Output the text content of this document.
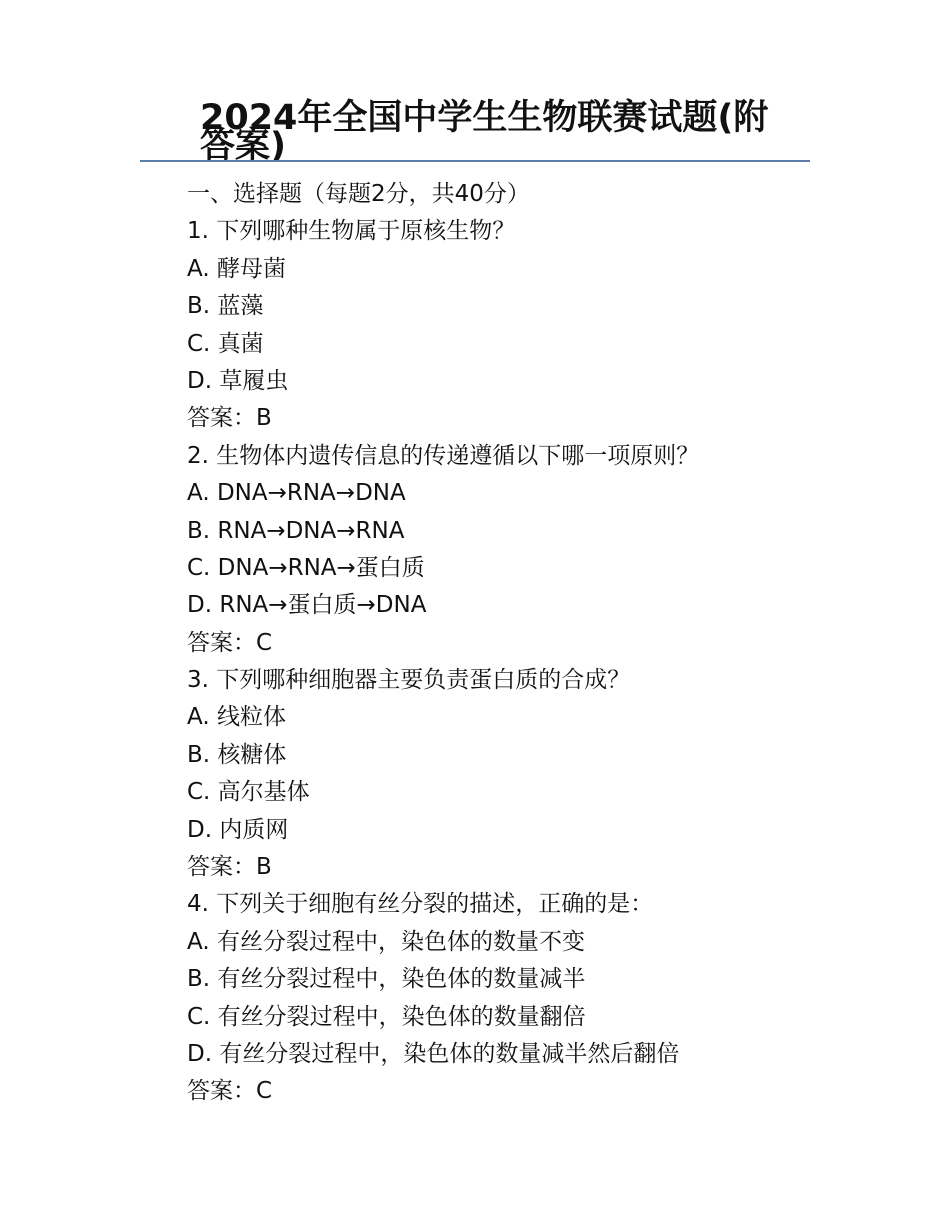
2024年全国中学生生物联赛试题(附答案)
一、选择题（每题2分，共40分）
1. 下列哪种生物属于原核生物？
A. 酵母菌
B. 蓝藻
C. 真菌
D. 草履虫
答案：B
2. 生物体内遗传信息的传递遵循以下哪一项原则？
A. DNA→RNA→DNA
B. RNA→DNA→RNA
C. DNA→RNA→蛋白质
D. RNA→蛋白质→DNA
答案：C
3. 下列哪种细胞器主要负责蛋白质的合成？
A. 线粒体
B. 核糖体
C. 高尔基体
D. 内质网
答案：B
4. 下列关于细胞有丝分裂的描述，正确的是：
A. 有丝分裂过程中，染色体的数量不变
B. 有丝分裂过程中，染色体的数量减半
C. 有丝分裂过程中，染色体的数量翻倍
D. 有丝分裂过程中，染色体的数量减半然后翻倍
答案：C
